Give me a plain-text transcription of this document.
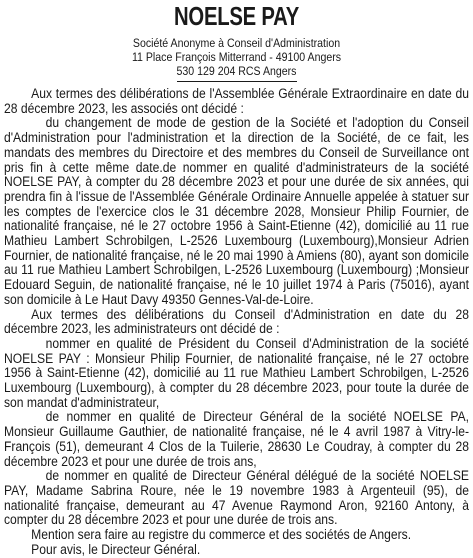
NOELSE PAY
Société Anonyme à Conseil d'Administration
11 Place François Mitterrand - 49100 Angers
530 129 204 RCS Angers

Aux termes des délibérations de l'Assemblée Générale Extraordinaire en date du 28 décembre 2023, les associés ont décidé :

du changement de mode de gestion de la Société et l'adoption du Conseil d'Administration pour l'administration et la direction de la Société, de ce fait, les mandats des membres du Directoire et des membres du Conseil de Surveillance ont pris fin à cette même date.de nommer en qualité d'administrateurs de la société NOELSE PAY, à compter du 28 décembre 2023 et pour une durée de six années, qui prendra fin à l'issue de l'Assemblée Générale Ordinaire Annuelle appelée à statuer sur les comptes de l'exercice clos le 31 décembre 2028, Monsieur Philip Fournier, de nationalité française, né le 27 octobre 1956 à Saint-Etienne (42), domicilié au 11 rue Mathieu Lambert Schrobilgen, L-2526 Luxembourg (Luxembourg),Monsieur Adrien Fournier, de nationalité française, né le 20 mai 1990 à Amiens (80), ayant son domicile au 11 rue Mathieu Lambert Schrobilgen, L-2526 Luxembourg (Luxembourg) ;Monsieur Edouard Seguin, de nationalité française, né le 10 juillet 1974 à Paris (75016), ayant son domicile à Le Haut Davy 49350 Gennes-Val-de-Loire.

Aux termes des délibérations du Conseil d'Administration en date du 28 décembre 2023, les administrateurs ont décidé de :

nommer en qualité de Président du Conseil d'Administration de la société NOELSE PAY : Monsieur Philip Fournier, de nationalité française, né le 27 octobre 1956 à Saint-Etienne (42), domicilié au 11 rue Mathieu Lambert Schrobilgen, L-2526 Luxembourg (Luxembourg), à compter du 28 décembre 2023, pour toute la durée de son mandat d'administrateur,

de nommer en qualité de Directeur Général de la société NOELSE PA, Monsieur Guillaume Gauthier, de nationalité française, né le 4 avril 1987 à Vitry-le-François (51), demeurant 4 Clos de la Tuilerie, 28630 Le Coudray, à compter du 28 décembre 2023 et pour une durée de trois ans,

de nommer en qualité de Directeur Général délégué de la société NOELSE PAY, Madame Sabrina Roure, née le 19 novembre 1983 à Argenteuil (95), de nationalité française, demeurant au 47 Avenue Raymond Aron, 92160 Antony, à compter du 28 décembre 2023 et pour une durée de trois ans.

Mention sera faire au registre du commerce et des sociétés de Angers.

Pour avis, le Directeur Général.
